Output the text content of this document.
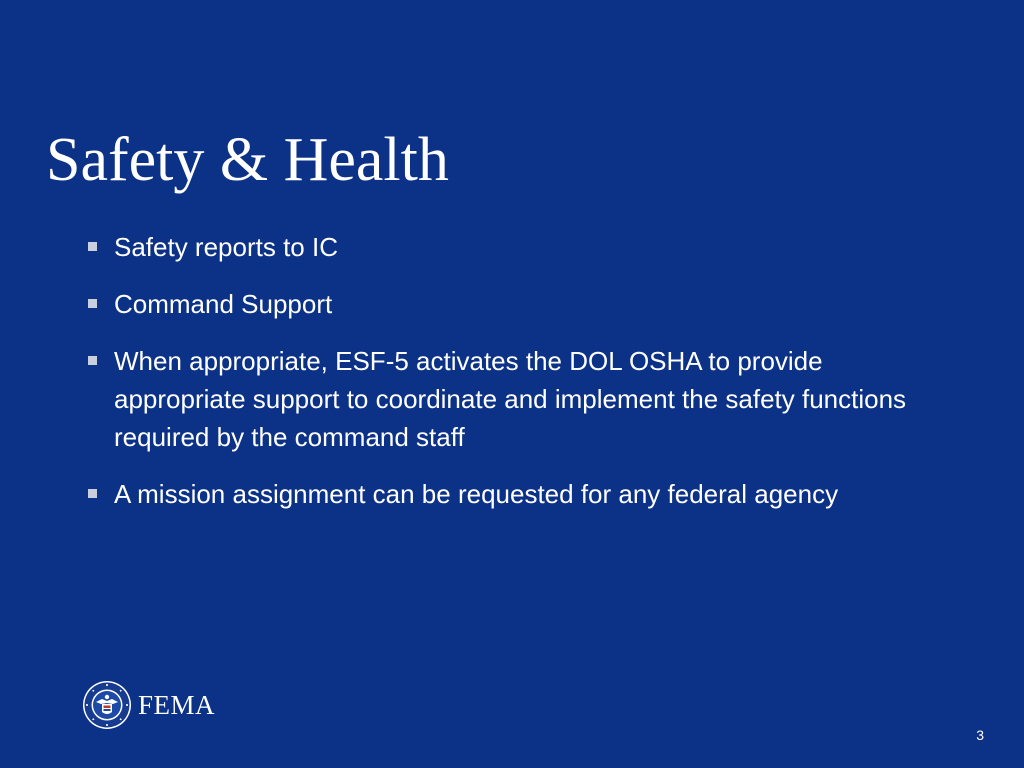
Safety & Health
Safety reports to IC
Command Support
When appropriate, ESF-5 activates the DOL OSHA to provide appropriate support to coordinate and implement the safety functions required by the command staff
A mission assignment can be requested for any federal agency
FEMA
3
